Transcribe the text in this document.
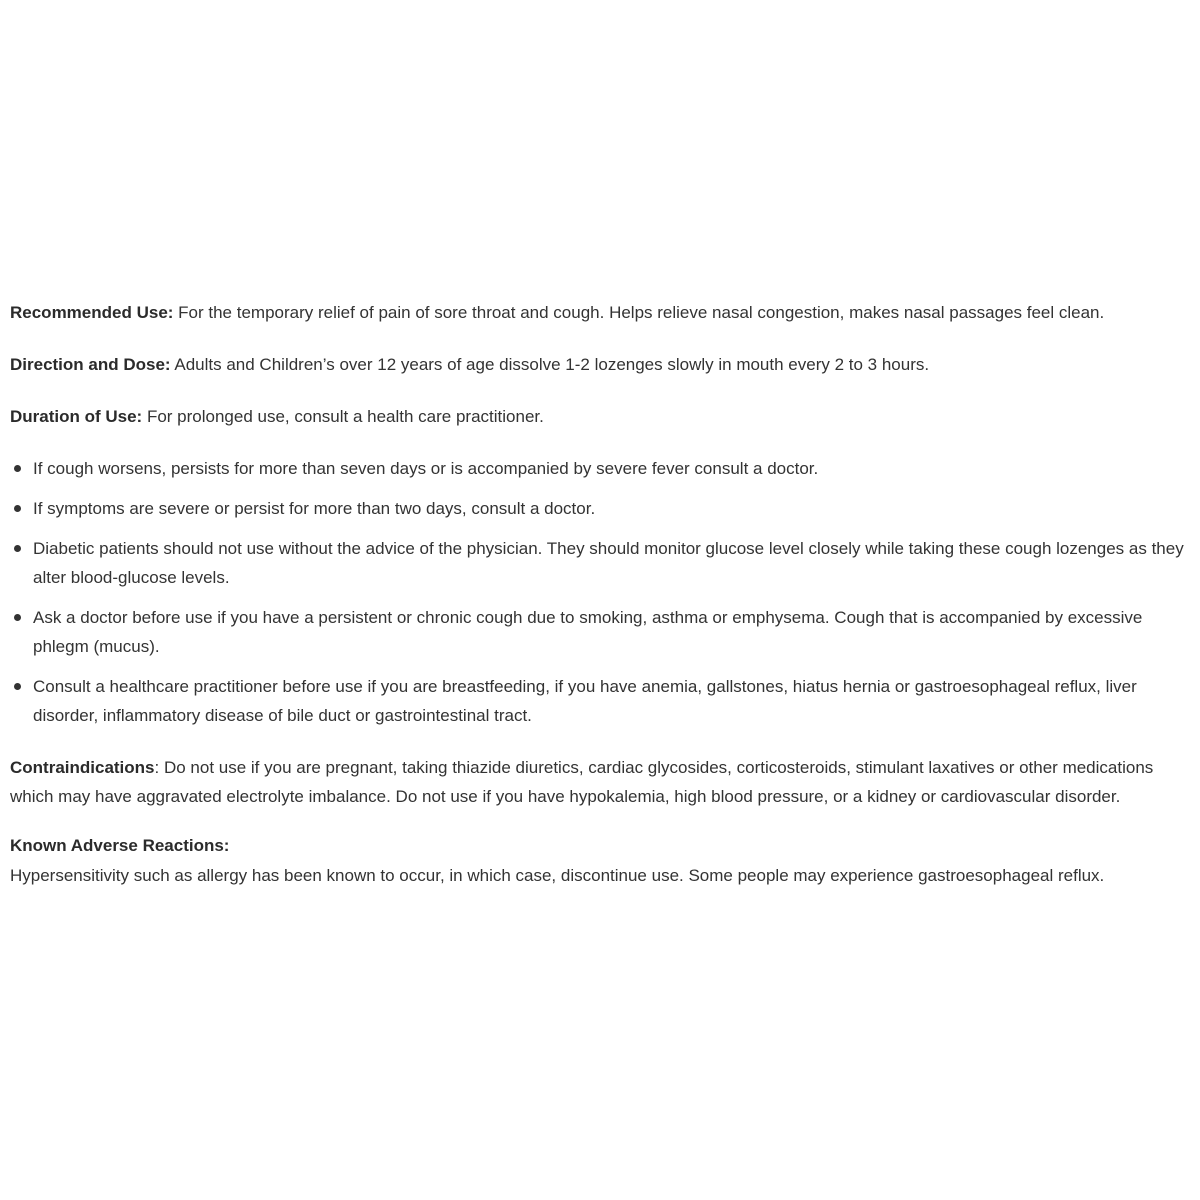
Recommended Use: For the temporary relief of pain of sore throat and cough. Helps relieve nasal congestion, makes nasal passages feel clean.

Direction and Dose: Adults and Children’s over 12 years of age dissolve 1-2 lozenges slowly in mouth every 2 to 3 hours.

Duration of Use: For prolonged use, consult a health care practitioner.

If cough worsens, persists for more than seven days or is accompanied by severe fever consult a doctor.
If symptoms are severe or persist for more than two days, consult a doctor.
Diabetic patients should not use without the advice of the physician. They should monitor glucose level closely while taking these cough lozenges as they alter blood-glucose levels.
Ask a doctor before use if you have a persistent or chronic cough due to smoking, asthma or emphysema. Cough that is accompanied by excessive phlegm (mucus).
Consult a healthcare practitioner before use if you are breastfeeding, if you have anemia, gallstones, hiatus hernia or gastroesophageal reflux, liver disorder, inflammatory disease of bile duct or gastrointestinal tract.

Contraindications: Do not use if you are pregnant, taking thiazide diuretics, cardiac glycosides, corticosteroids, stimulant laxatives or other medications which may have aggravated electrolyte imbalance. Do not use if you have hypokalemia, high blood pressure, or a kidney or cardiovascular disorder.

Known Adverse Reactions:
Hypersensitivity such as allergy has been known to occur, in which case, discontinue use. Some people may experience gastroesophageal reflux.
